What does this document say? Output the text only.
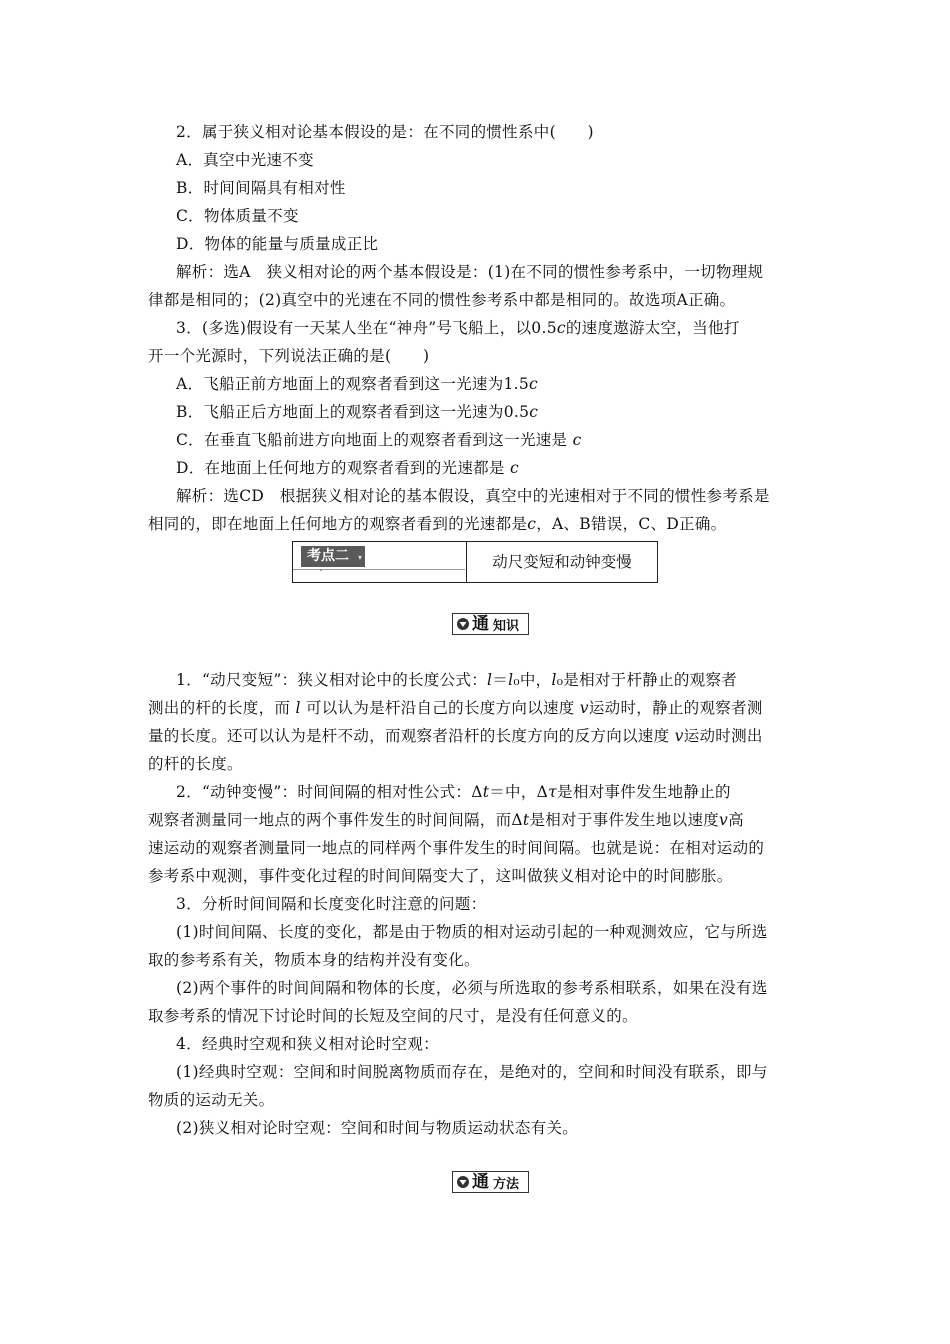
2．属于狭义相对论基本假设的是：在不同的惯性系中(　　)
A．真空中光速不变
B．时间间隔具有相对性
C．物体质量不变
D．物体的能量与质量成正比
解析：选A　狭义相对论的两个基本假设是：(1)在不同的惯性参考系中，一切物理规
律都是相同的；(2)真空中的光速在不同的惯性参考系中都是相同的。故选项A正确。
3．(多选)假设有一天某人坐在“神舟”号飞船上，以0.5c的速度遨游太空，当他打
开一个光源时，下列说法正确的是(　　)
A．飞船正前方地面上的观察者看到这一光速为1.5c
B．飞船正后方地面上的观察者看到这一光速为0.5c
C．在垂直飞船前进方向地面上的观察者看到这一光速是 c
D．在地面上任何地方的观察者看到的光速都是 c
解析：选CD　根据狭义相对论的基本假设，真空中的光速相对于不同的惯性参考系是
相同的，即在地面上任何地方的观察者看到的光速都是c，A、B错误，C、D正确。
考点二 ▾
ˇ
动尺变短和动钟变慢
通 知识
1．“动尺变短”：狭义相对论中的长度公式：l＝l₀中，l₀是相对于杆静止的观察者
测出的杆的长度，而 l 可以认为是杆沿自己的长度方向以速度 v运动时，静止的观察者测
量的长度。还可以认为是杆不动，而观察者沿杆的长度方向的反方向以速度 v运动时测出
的杆的长度。
2．“动钟变慢”：时间间隔的相对性公式：Δt＝中，Δτ是相对事件发生地静止的
观察者测量同一地点的两个事件发生的时间间隔，而Δt是相对于事件发生地以速度v高
速运动的观察者测量同一地点的同样两个事件发生的时间间隔。也就是说：在相对运动的
参考系中观测，事件变化过程的时间间隔变大了，这叫做狭义相对论中的时间膨胀。
3．分析时间间隔和长度变化时注意的问题：
(1)时间间隔、长度的变化，都是由于物质的相对运动引起的一种观测效应，它与所选
取的参考系有关，物质本身的结构并没有变化。
(2)两个事件的时间间隔和物体的长度，必须与所选取的参考系相联系，如果在没有选
取参考系的情况下讨论时间的长短及空间的尺寸，是没有任何意义的。
4．经典时空观和狭义相对论时空观：
(1)经典时空观：空间和时间脱离物质而存在，是绝对的，空间和时间没有联系，即与
物质的运动无关。
(2)狭义相对论时空观：空间和时间与物质运动状态有关。
通 方法
